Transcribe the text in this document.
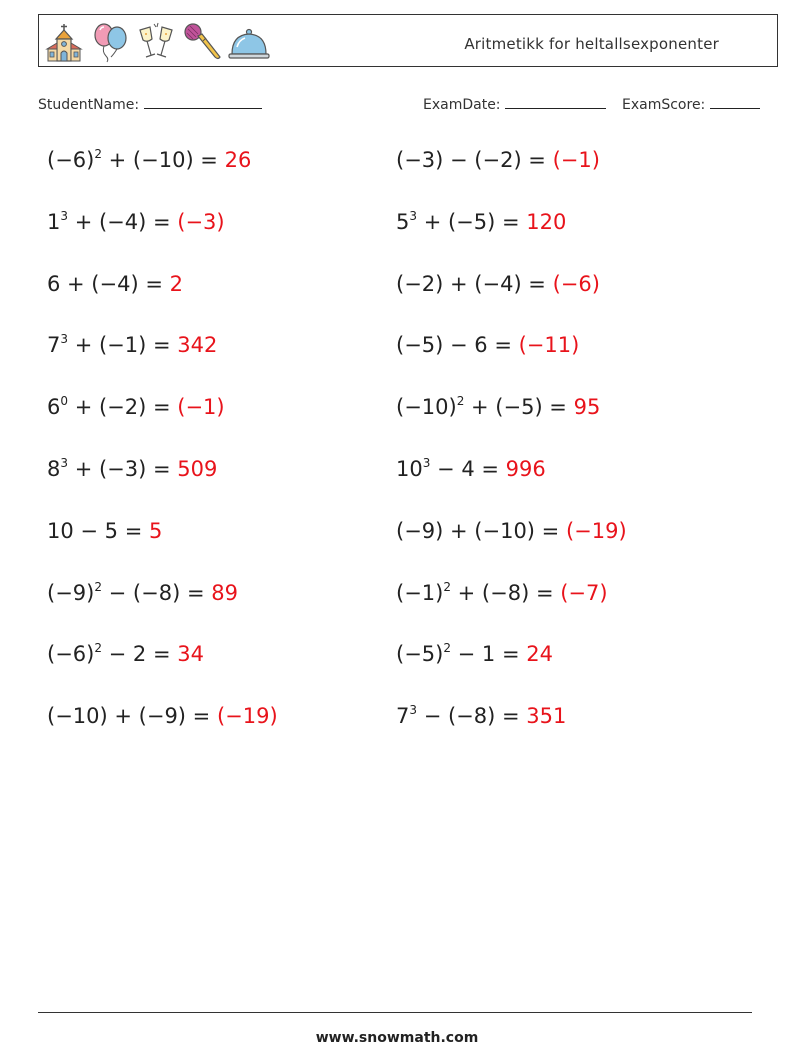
Aritmetikk for heltallsexponenter
StudentName:	ExamDate:	ExamScore:
$(-6)^2 + (-10) = 26$	(−3) − (−2) = (−1)
$1^3 + (-4) = (-3)$	$5^3 + (-5) = 120$
6 + (−4) = 2	(−2) + (−4) = (−6)
$7^3 + (-1) = 342$	(−5) − 6 = (−11)
$6^0 + (-2) = (-1)$	$(-10)^2 + (-5) = 95$
$8^3 + (-3) = 509$	$10^3 - 4 = 996$
10 − 5 = 5	(−9) + (−10) = (−19)
$(-9)^2 - (-8) = 89$	$(-1)^2 + (-8) = (-7)$
$(-6)^2 - 2 = 34$	$(-5)^2 - 1 = 24$
(−10) + (−9) = (−19)	$7^3 - (-8) = 351$
www.snowmath.com
